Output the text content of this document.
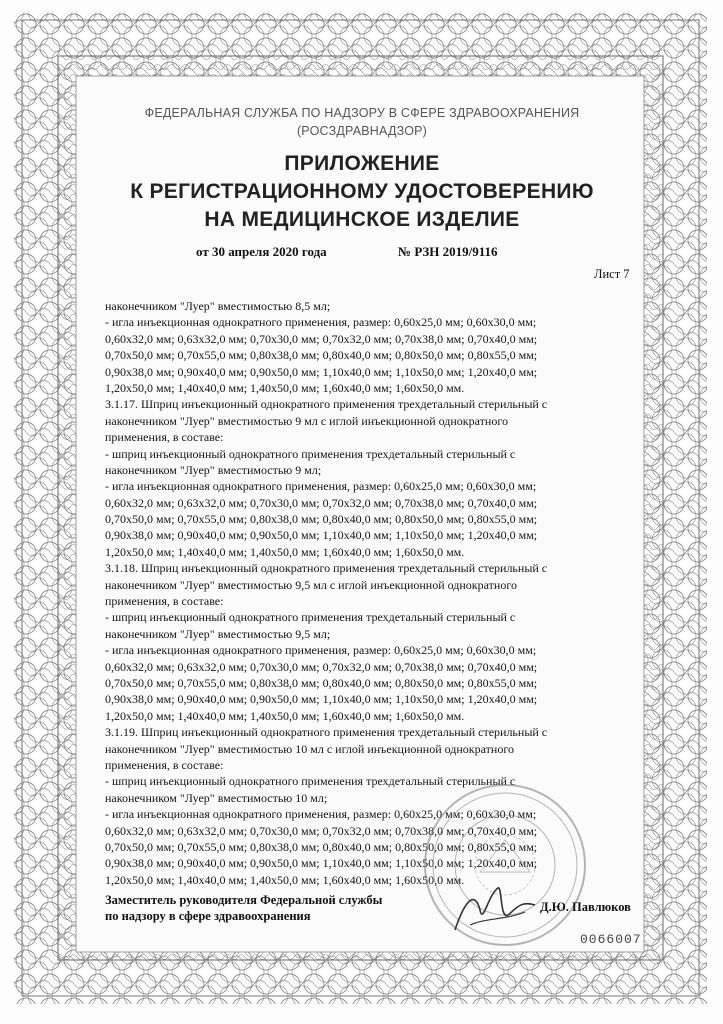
ФЕДЕРАЛЬНАЯ СЛУЖБА ПО НАДЗОРУ В СФЕРЕ ЗДРАВООХРАНЕНИЯ
(РОСЗДРАВНАДЗОР)
ПРИЛОЖЕНИЕ
К РЕГИСТРАЦИОННОМУ УДОСТОВЕРЕНИЮ
НА МЕДИЦИНСКОЕ ИЗДЕЛИЕ
от 30 апреля 2020 года	№ РЗН 2019/9116
Лист 7
наконечником "Луер" вместимостью 8,5 мл;
- игла инъекционная однократного применения, размер: 0,60x25,0 мм; 0,60x30,0 мм;
0,60x32,0 мм; 0,63x32,0 мм; 0,70x30,0 мм; 0,70x32,0 мм; 0,70x38,0 мм; 0,70x40,0 мм;
0,70x50,0 мм; 0,70x55,0 мм; 0,80x38,0 мм; 0,80x40,0 мм; 0,80x50,0 мм; 0,80x55,0 мм;
0,90x38,0 мм; 0,90x40,0 мм; 0,90x50,0 мм; 1,10x40,0 мм; 1,10x50,0 мм; 1,20x40,0 мм;
1,20x50,0 мм; 1,40x40,0 мм; 1,40x50,0 мм; 1,60x40,0 мм; 1,60x50,0 мм.
3.1.17. Шприц инъекционный однократного применения трехдетальный стерильный с
наконечником "Луер" вместимостью 9 мл с иглой инъекционной однократного
применения, в составе:
- шприц инъекционный однократного применения трехдетальный стерильный с
наконечником "Луер" вместимостью 9 мл;
- игла инъекционная однократного применения, размер: 0,60x25,0 мм; 0,60x30,0 мм;
0,60x32,0 мм; 0,63x32,0 мм; 0,70x30,0 мм; 0,70x32,0 мм; 0,70x38,0 мм; 0,70x40,0 мм;
0,70x50,0 мм; 0,70x55,0 мм; 0,80x38,0 мм; 0,80x40,0 мм; 0,80x50,0 мм; 0,80x55,0 мм;
0,90x38,0 мм; 0,90x40,0 мм; 0,90x50,0 мм; 1,10x40,0 мм; 1,10x50,0 мм; 1,20x40,0 мм;
1,20x50,0 мм; 1,40x40,0 мм; 1,40x50,0 мм; 1,60x40,0 мм; 1,60x50,0 мм.
3.1.18. Шприц инъекционный однократного применения трехдетальный стерильный с
наконечником "Луер" вместимостью 9,5 мл с иглой инъекционной однократного
применения, в составе:
- шприц инъекционный однократного применения трехдетальный стерильный с
наконечником "Луер" вместимостью 9,5 мл;
- игла инъекционная однократного применения, размер: 0,60x25,0 мм; 0,60x30,0 мм;
0,60x32,0 мм; 0,63x32,0 мм; 0,70x30,0 мм; 0,70x32,0 мм; 0,70x38,0 мм; 0,70x40,0 мм;
0,70x50,0 мм; 0,70x55,0 мм; 0,80x38,0 мм; 0,80x40,0 мм; 0,80x50,0 мм; 0,80x55,0 мм;
0,90x38,0 мм; 0,90x40,0 мм; 0,90x50,0 мм; 1,10x40,0 мм; 1,10x50,0 мм; 1,20x40,0 мм;
1,20x50,0 мм; 1,40x40,0 мм; 1,40x50,0 мм; 1,60x40,0 мм; 1,60x50,0 мм.
3.1.19. Шприц инъекционный однократного применения трехдетальный стерильный с
наконечником "Луер" вместимостью 10 мл с иглой инъекционной однократного
применения, в составе:
- шприц инъекционный однократного применения трехдетальный стерильный с
наконечником "Луер" вместимостью 10 мл;
- игла инъекционная однократного применения, размер: 0,60x25,0 мм; 0,60x30,0 мм;
0,60x32,0 мм; 0,63x32,0 мм; 0,70x30,0 мм; 0,70x32,0 мм; 0,70x38,0 мм; 0,70x40,0 мм;
0,70x50,0 мм; 0,70x55,0 мм; 0,80x38,0 мм; 0,80x40,0 мм; 0,80x50,0 мм; 0,80x55,0 мм;
0,90x38,0 мм; 0,90x40,0 мм; 0,90x50,0 мм; 1,10x40,0 мм; 1,10x50,0 мм; 1,20x40,0 мм;
1,20x50,0 мм; 1,40x40,0 мм; 1,40x50,0 мм; 1,60x40,0 мм; 1,60x50,0 мм.
Заместитель руководителя Федеральной службы
по надзору в сфере здравоохранения
Д.Ю. Павлюков
0066007
